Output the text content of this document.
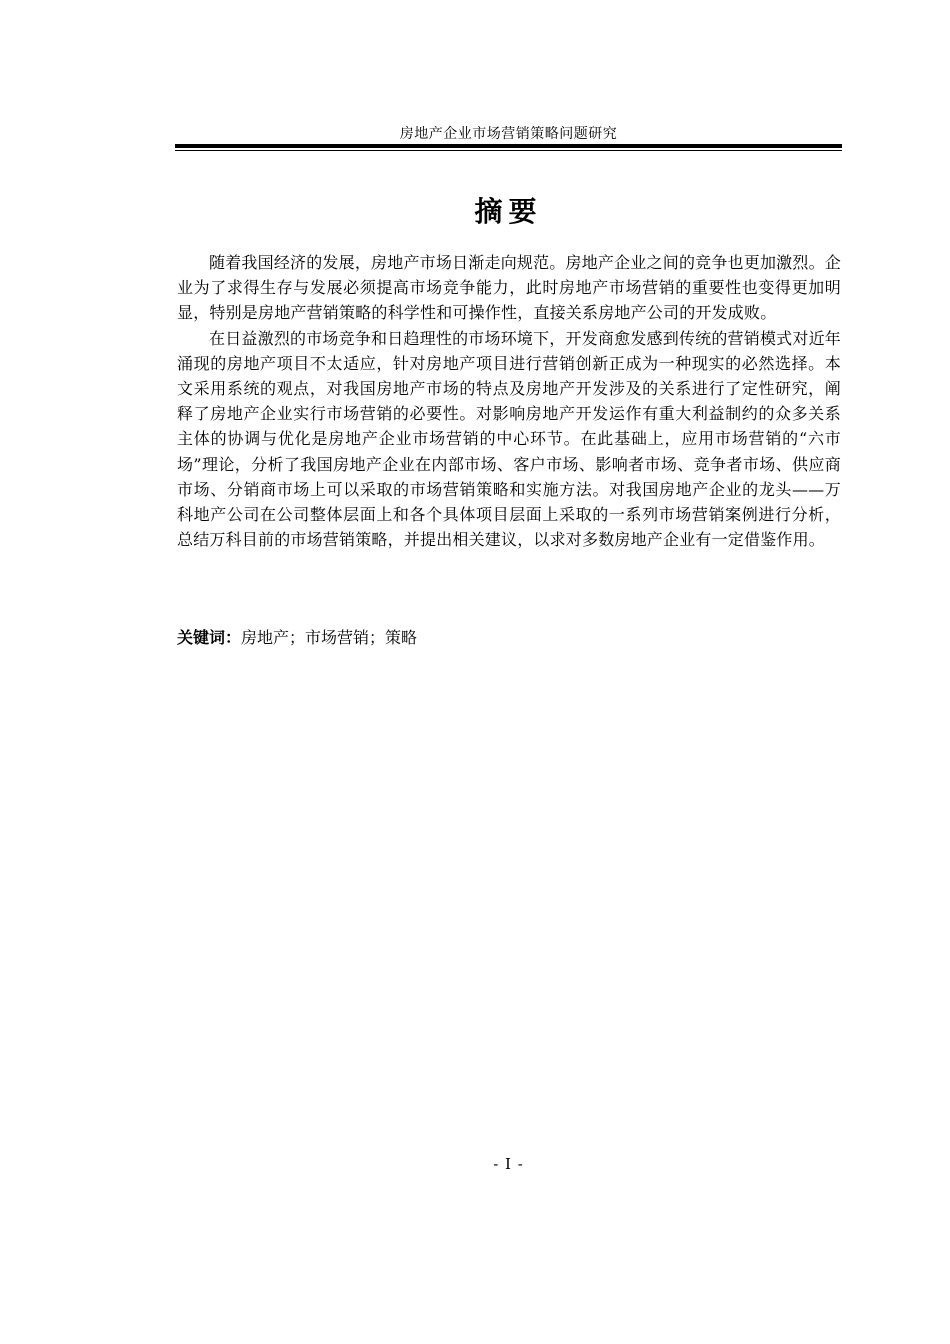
房地产企业市场营销策略问题研究
摘要

随着我国经济的发展，房地产市场日渐走向规范。房地产企业之间的竞争也更加激烈。企业为了求得生存与发展必须提高市场竞争能力，此时房地产市场营销的重要性也变得更加明显，特别是房地产营销策略的科学性和可操作性，直接关系房地产公司的开发成败。

在日益激烈的市场竞争和日趋理性的市场环境下，开发商愈发感到传统的营销模式对近年涌现的房地产项目不太适应，针对房地产项目进行营销创新正成为一种现实的必然选择。本文采用系统的观点，对我国房地产市场的特点及房地产开发涉及的关系进行了定性研究，阐释了房地产企业实行市场营销的必要性。对影响房地产开发运作有重大利益制约的众多关系主体的协调与优化是房地产企业市场营销的中心环节。在此基础上，应用市场营销的“六市场”理论，分析了我国房地产企业在内部市场、客户市场、影响者市场、竞争者市场、供应商市场、分销商市场上可以采取的市场营销策略和实施方法。对我国房地产企业的龙头——万科地产公司在公司整体层面上和各个具体项目层面上采取的一系列市场营销案例进行分析，总结万科目前的市场营销策略，并提出相关建议，以求对多数房地产企业有一定借鉴作用。

关键词：房地产；市场营销；策略
- I -
